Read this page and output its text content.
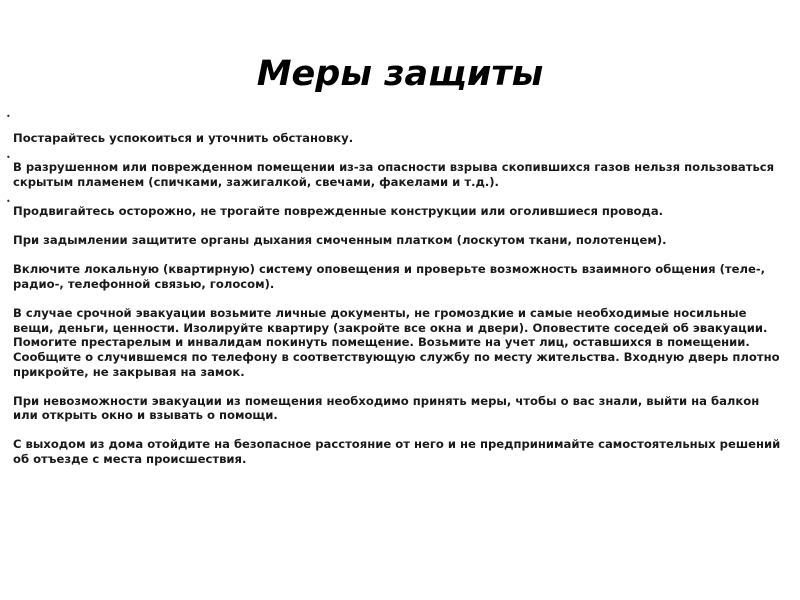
Меры защиты
•
•
•

Постарайтесь успокоиться и уточнить обстановку.

В разрушенном или поврежденном помещении из-за опасности взрыва скопившихся газов нельзя пользоваться скрытым пламенем (спичками, зажигалкой, свечами, факелами и т.д.).

Продвигайтесь осторожно, не трогайте поврежденные конструкции или оголившиеся провода.

При задымлении защитите органы дыхания смоченным платком (лоскутом ткани, полотенцем).

Включите локальную (квартирную) систему оповещения и проверьте возможность взаимного общения (теле-, радио-, телефонной связью, голосом).

В случае срочной эвакуации возьмите личные документы, не громоздкие и самые необходимые носильные вещи, деньги, ценности. Изолируйте квартиру (закройте все окна и двери). Оповестите соседей об эвакуации. Помогите престарелым и инвалидам покинуть помещение. Возьмите на учет лиц, оставшихся в помещении. Сообщите о случившемся по телефону в соответствующую службу по месту жительства. Входную дверь плотно прикройте, не закрывая на замок.

При невозможности эвакуации из помещения необходимо принять меры, чтобы о вас знали, выйти на балкон или открыть окно и взывать о помощи.

С выходом из дома отойдите на безопасное расстояние от него и не предпринимайте самостоятельных решений об отъезде с места происшествия.
